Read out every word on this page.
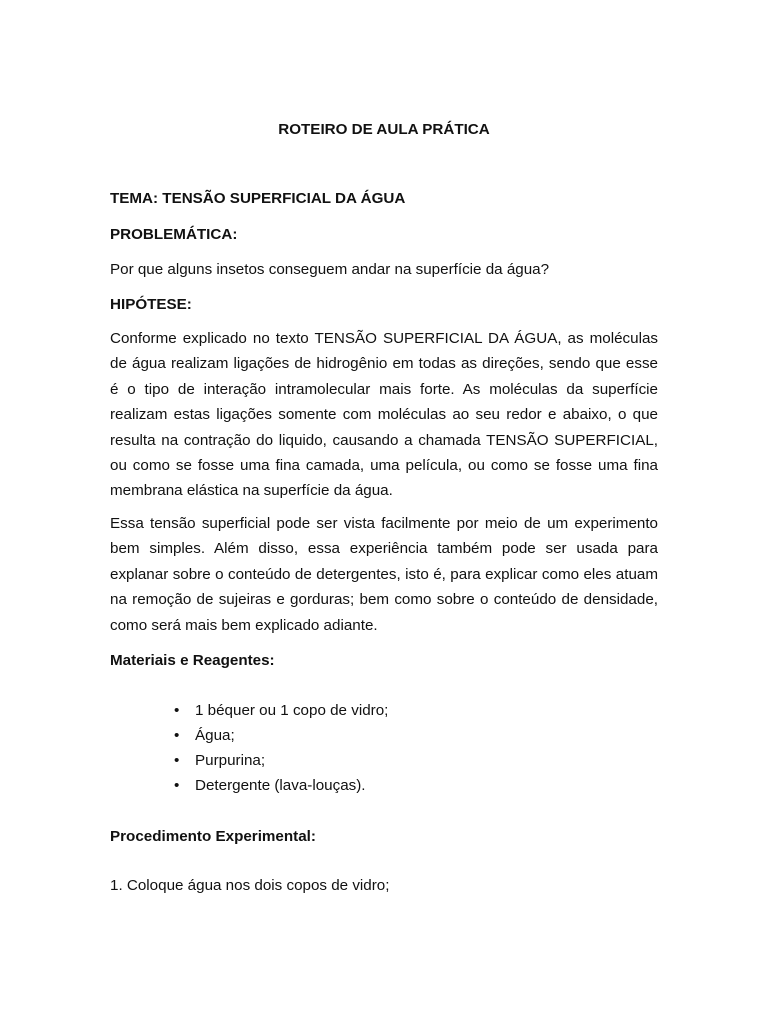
ROTEIRO DE AULA PRÁTICA

TEMA: TENSÃO SUPERFICIAL DA ÁGUA

PROBLEMÁTICA:

Por que alguns insetos conseguem andar na superfície da água?

HIPÓTESE:

Conforme explicado no texto TENSÃO SUPERFICIAL DA ÁGUA, as moléculas de água realizam ligações de hidrogênio em todas as direções, sendo que esse é o tipo de interação intramolecular mais forte. As moléculas da superfície realizam estas ligações somente com moléculas ao seu redor e abaixo, o que resulta na contração do liquido, causando a chamada TENSÃO SUPERFICIAL, ou como se fosse uma fina camada, uma película, ou como se fosse uma fina membrana elástica na superfície da água.

Essa tensão superficial pode ser vista facilmente por meio de um experimento bem simples. Além disso, essa experiência também pode ser usada para explanar sobre o conteúdo de detergentes, isto é, para explicar como eles atuam na remoção de sujeiras e gorduras; bem como sobre o conteúdo de densidade, como será mais bem explicado adiante.

Materiais e Reagentes:

• 1 béquer ou 1 copo de vidro;
• Água;
• Purpurina;
• Detergente (lava-louças).

Procedimento Experimental:

1. Coloque água nos dois copos de vidro;
